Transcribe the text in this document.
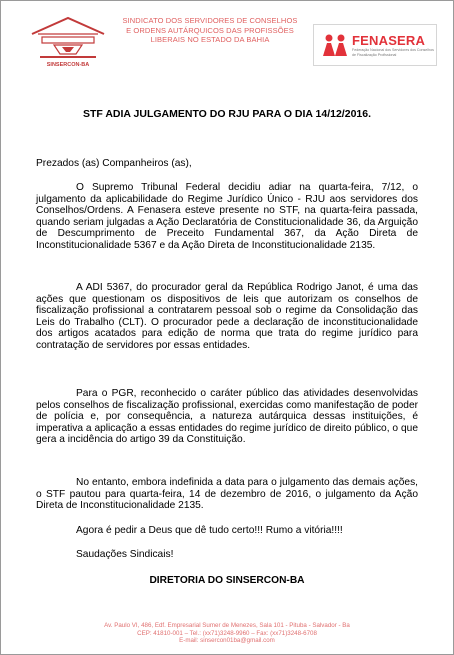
SINSERCON-BA
SINDICATO DOS SERVIDORES DE CONSELHOS
E ORDENS AUTÁRQUICOS DAS PROFISSÕES
LIBERAIS NO ESTADO DA BAHIA	FENASERA
Federação Nacional dos Servidores dos Conselhos de Fiscalização Profissional
STF ADIA JULGAMENTO DO RJU PARA O DIA 14/12/2016.
Prezados (as) Companheiros (as),
O Supremo Tribunal Federal decidiu adiar na quarta-feira, 7/12, o julgamento da aplicabilidade do Regime Jurídico Único - RJU aos servidores dos Conselhos/Ordens. A Fenasera esteve presente no STF, na quarta-feira passada, quando seriam julgadas a Ação Declaratória de Constitucionalidade 36, da Arguição de Descumprimento de Preceito Fundamental 367, da Ação Direta de Inconstitucionalidade 5367 e da Ação Direta de Inconstitucionalidade 2135.
A ADI 5367, do procurador geral da República Rodrigo Janot, é uma das ações que questionam os dispositivos de leis que autorizam os conselhos de fiscalização profissional a contratarem pessoal sob o regime da Consolidação das Leis do Trabalho (CLT). O procurador pede a declaração de inconstitucionalidade dos artigos acatados para edição de norma que trata do regime jurídico para contratação de servidores por essas entidades.
Para o PGR, reconhecido o caráter público das atividades desenvolvidas pelos conselhos de fiscalização profissional, exercidas como manifestação de poder de polícia e, por consequência, a natureza autárquica dessas instituições, é imperativa a aplicação a essas entidades do regime jurídico de direito público, o que gera a incidência do artigo 39 da Constituição.
No entanto, embora indefinida a data para o julgamento das demais ações, o STF pautou para quarta-feira, 14 de dezembro de 2016, o julgamento da Ação Direta de Inconstitucionalidade 2135.
Agora é pedir a Deus que dê tudo certo!!! Rumo a vitória!!!!
Saudações Sindicais!
DIRETORIA DO SINSERCON-BA
Av. Paulo VI, 486, Edf. Empresarial Sumer de Menezes, Sala 101 - Pituba - Salvador - Ba
CEP: 41810-001 – Tel.: (xx71)3248-9960 – Fax: (xx71)3248-6708
E-mail: sinsercon01ba@gmail.com
